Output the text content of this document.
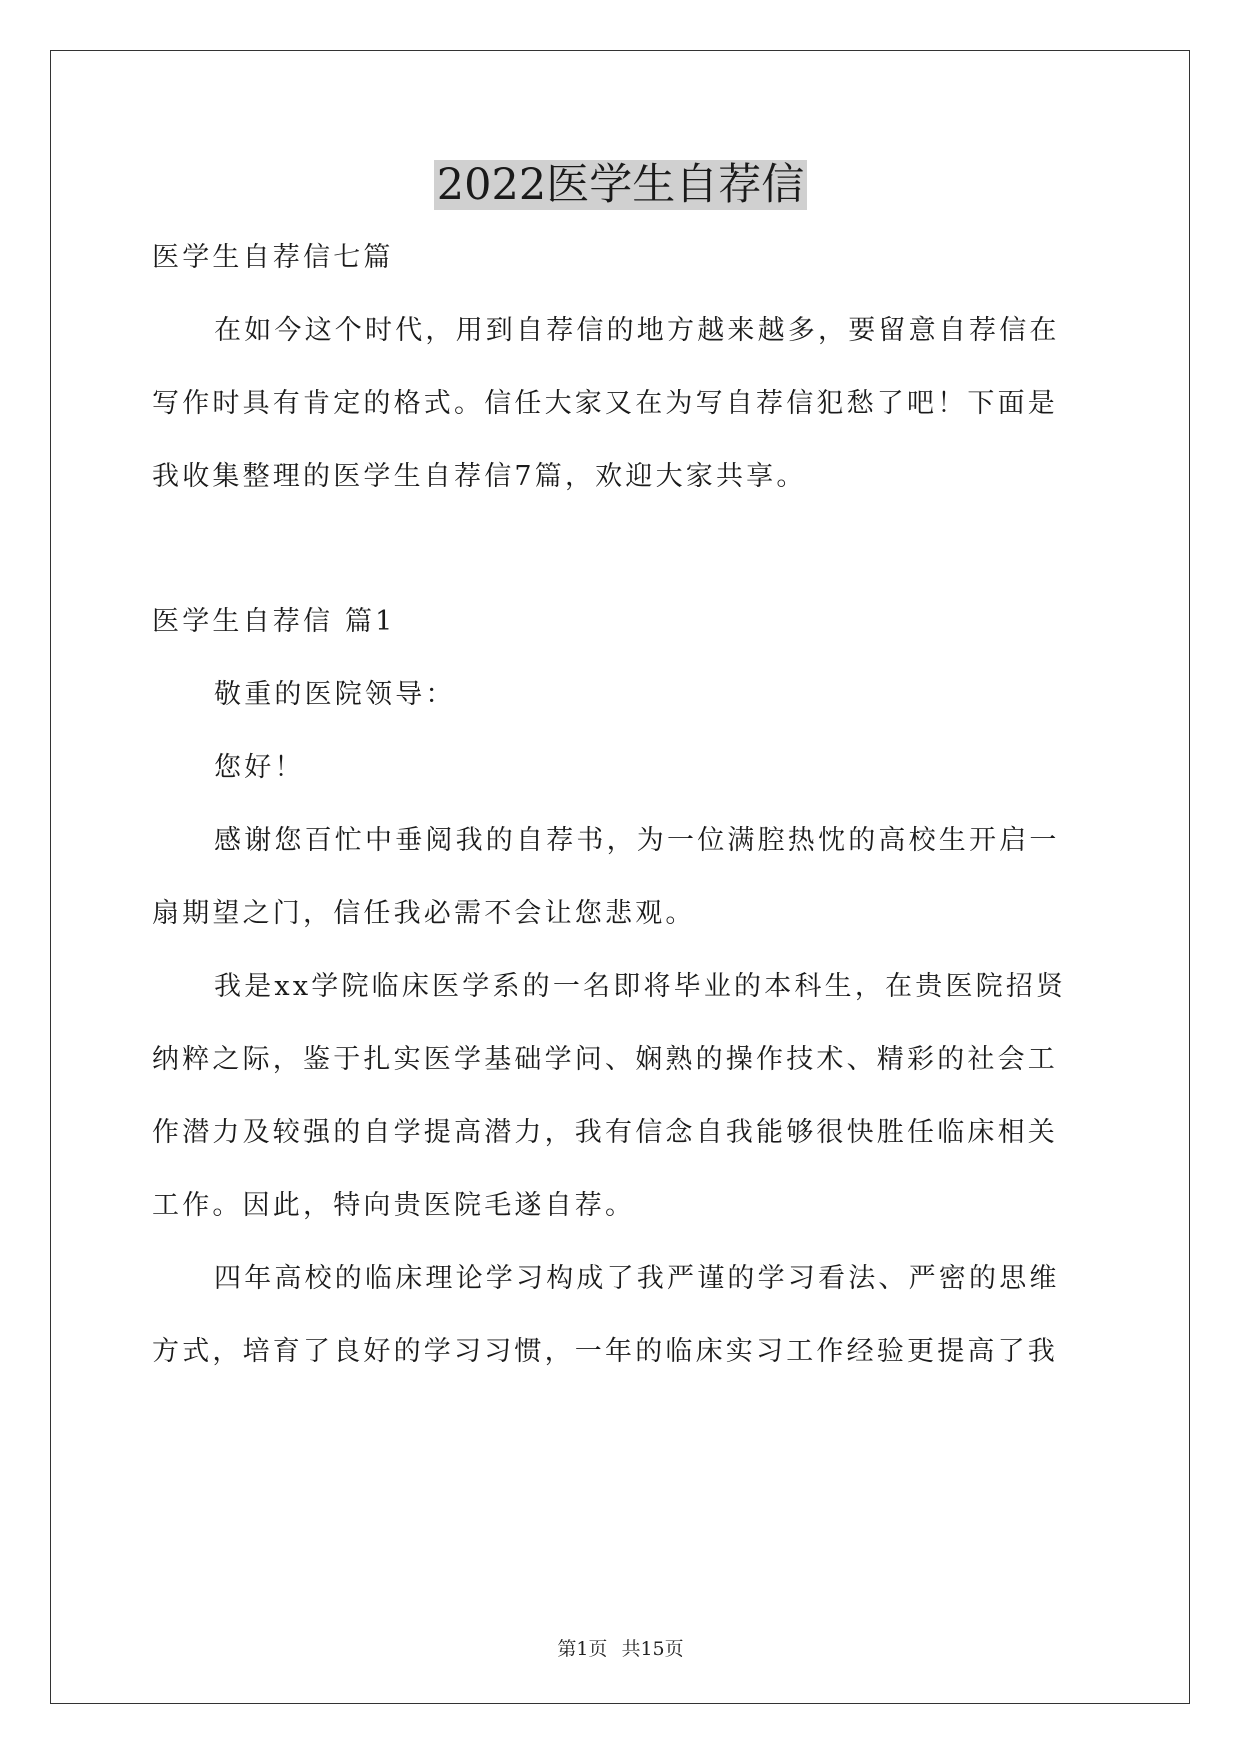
2022医学生自荐信

医学生自荐信七篇

在如今这个时代，用到自荐信的地方越来越多，要留意自荐信在

写作时具有肯定的格式。信任大家又在为写自荐信犯愁了吧！下面是

我收集整理的医学生自荐信7篇，欢迎大家共享。

医学生自荐信 篇1

敬重的医院领导：

您好！

感谢您百忙中垂阅我的自荐书，为一位满腔热忱的高校生开启一

扇期望之门，信任我必需不会让您悲观。

我是xx学院临床医学系的一名即将毕业的本科生，在贵医院招贤

纳粹之际，鉴于扎实医学基础学问、娴熟的操作技术、精彩的社会工

作潜力及较强的自学提高潜力，我有信念自我能够很快胜任临床相关

工作。因此，特向贵医院毛遂自荐。

四年高校的临床理论学习构成了我严谨的学习看法、严密的思维

方式，培育了良好的学习习惯，一年的临床实习工作经验更提高了我

第1页 共15页
